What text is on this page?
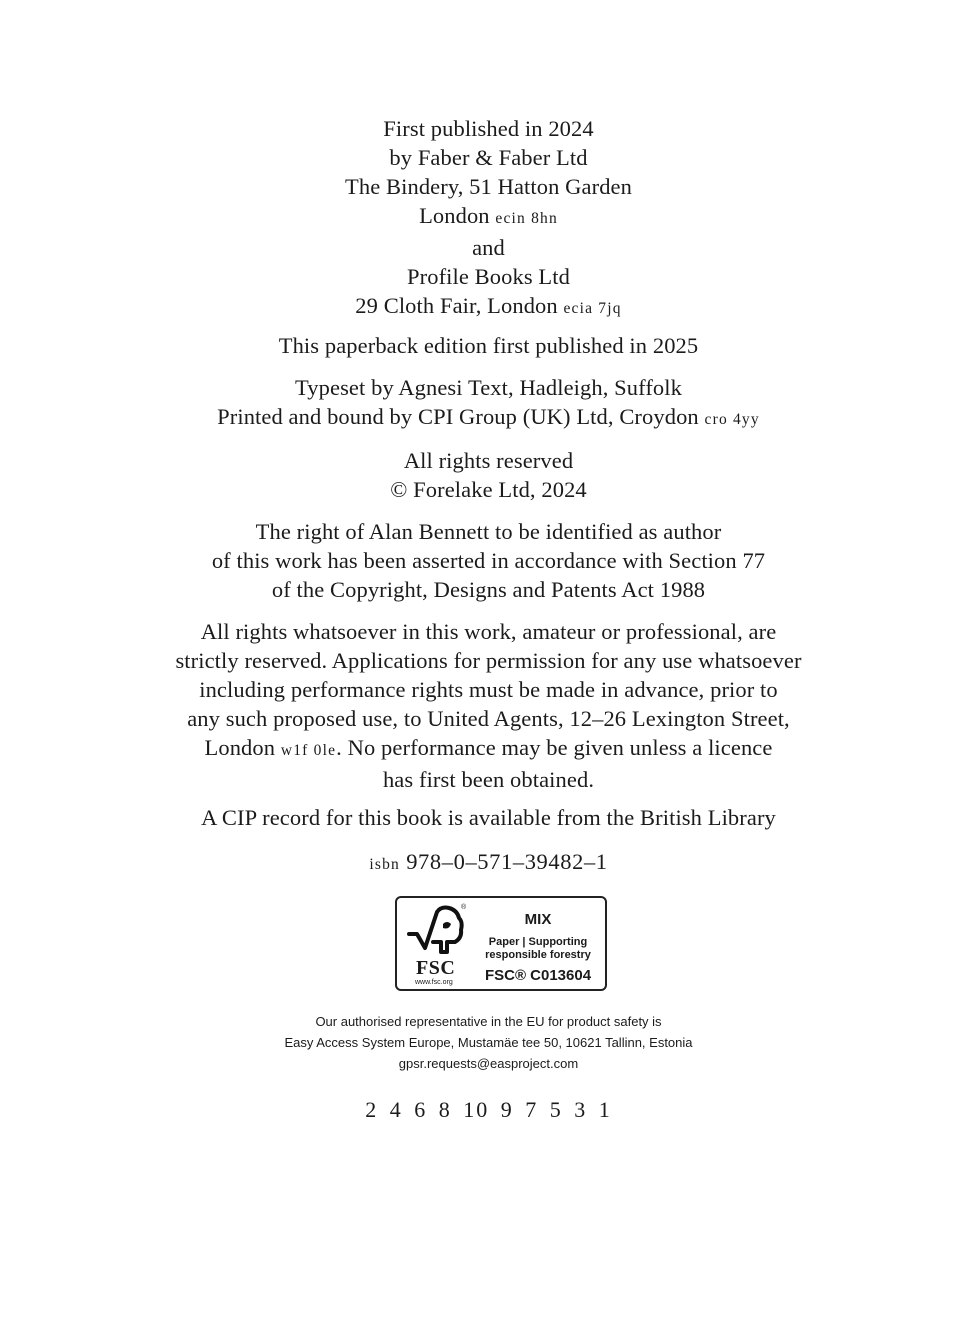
First published in 2024
by Faber & Faber Ltd
The Bindery, 51 Hatton Garden
London ecin 8hn
and
Profile Books Ltd
29 Cloth Fair, London ecia 7jq
This paperback edition first published in 2025
Typeset by Agnesi Text, Hadleigh, Suffolk
Printed and bound by CPI Group (UK) Ltd, Croydon cro 4yy
All rights reserved
© Forelake Ltd, 2024
The right of Alan Bennett to be identified as author
of this work has been asserted in accordance with Section 77
of the Copyright, Designs and Patents Act 1988
All rights whatsoever in this work, amateur or professional, are
strictly reserved. Applications for permission for any use whatsoever
including performance rights must be made in advance, prior to
any such proposed use, to United Agents, 12–26 Lexington Street,
London w1f 0le. No performance may be given unless a licence
has first been obtained.
A CIP record for this book is available from the British Library
isbn 978–0–571–39482–1
®
FSC
www.fsc.org
MIX
Paper | Supporting
responsible forestry
FSC® C013604
Our authorised representative in the EU for product safety is
Easy Access System Europe, Mustamäe tee 50, 10621 Tallinn, Estonia
gpsr.requests@easproject.com
2 4 6 8 10 9 7 5 3 1
